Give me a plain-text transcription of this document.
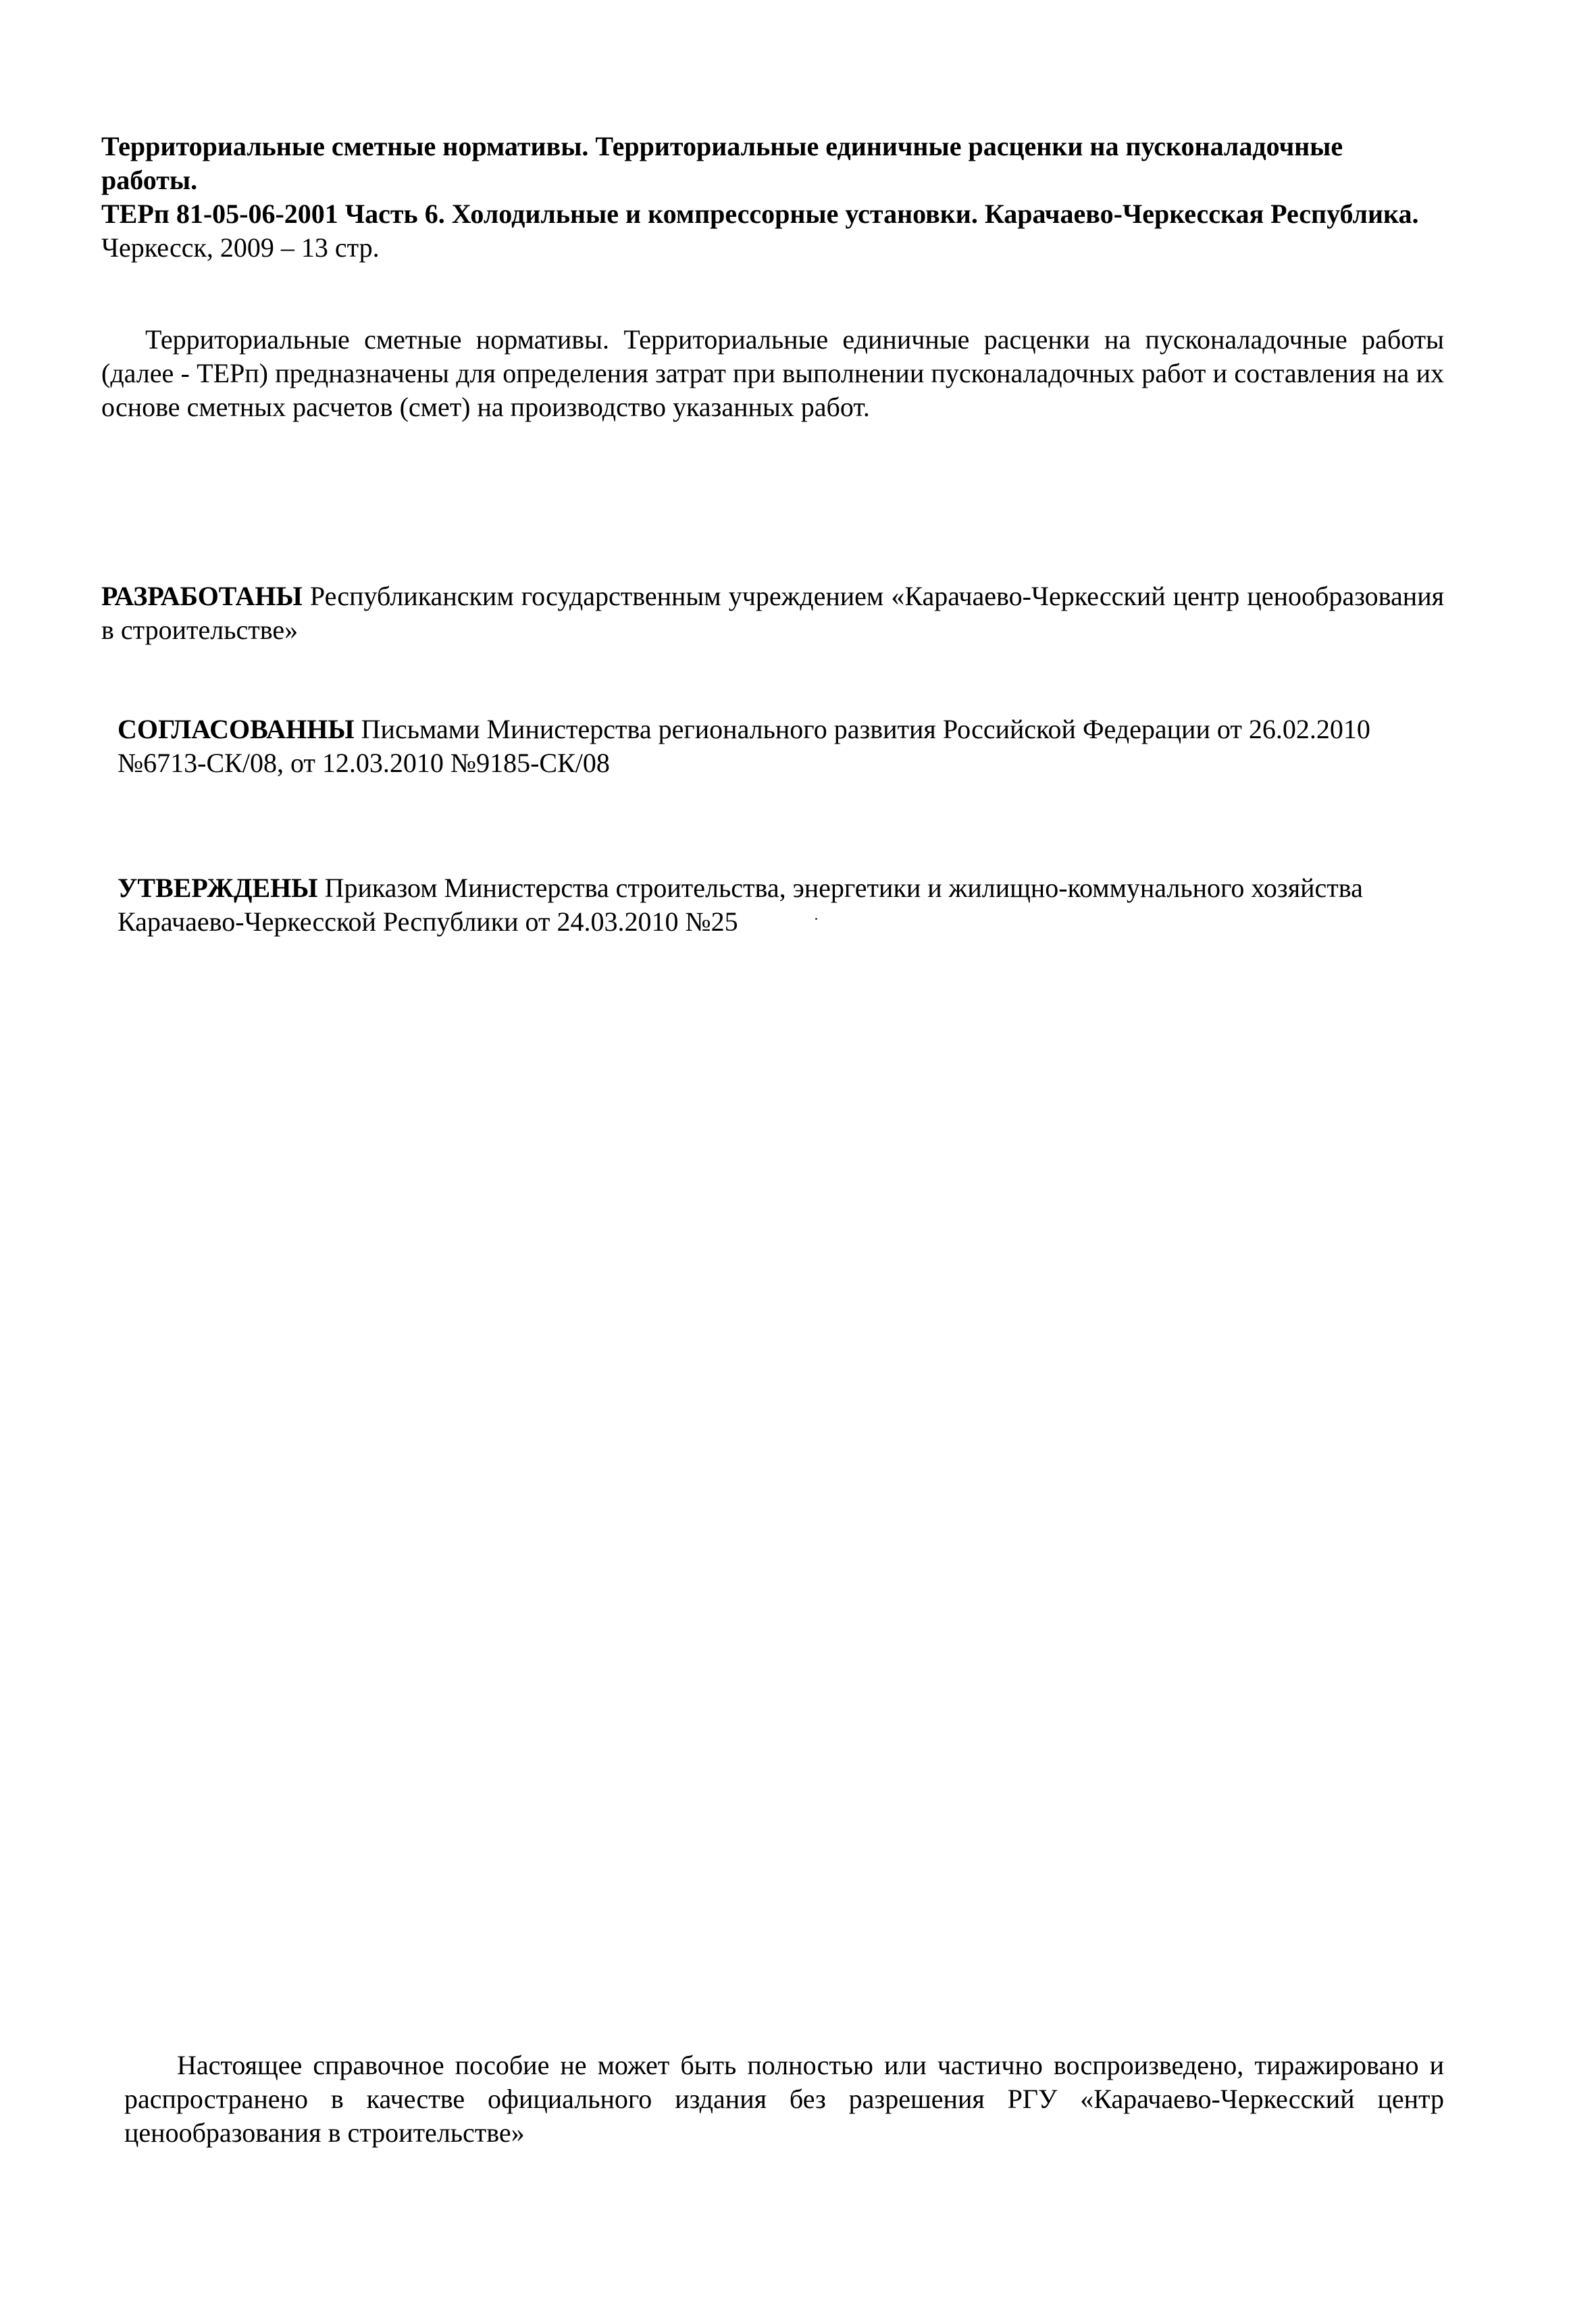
Территориальные сметные нормативы. Территориальные единичные расценки на пусконаладочные работы.
ТЕРп 81-05-06-2001 Часть 6. Холодильные и компрессорные установки. Карачаево-Черкесская Республика.
Черкесск, 2009 – 13 стр.
Территориальные сметные нормативы. Территориальные единичные расценки на пусконаладочные работы (далее - ТЕРп) предназначены для определения затрат при выполнении пусконаладочных работ и составления на их основе сметных расчетов (смет) на производство указанных работ.
РАЗРАБОТАНЫ Республиканским государственным учреждением «Карачаево-Черкесский центр ценообразования в строительстве»
СОГЛАСОВАННЫ Письмами Министерства регионального развития Российской Федерации от 26.02.2010 №6713-СК/08, от 12.03.2010 №9185-СК/08
УТВЕРЖДЕНЫ Приказом Министерства строительства, энергетики и жилищно-коммунального хозяйства Карачаево-Черкесской Республики от 24.03.2010 №25
Настоящее справочное пособие не может быть полностью или частично воспроизведено, тиражировано и распространено в качестве официального издания без разрешения РГУ «Карачаево-Черкесский центр ценообразования в строительстве»
